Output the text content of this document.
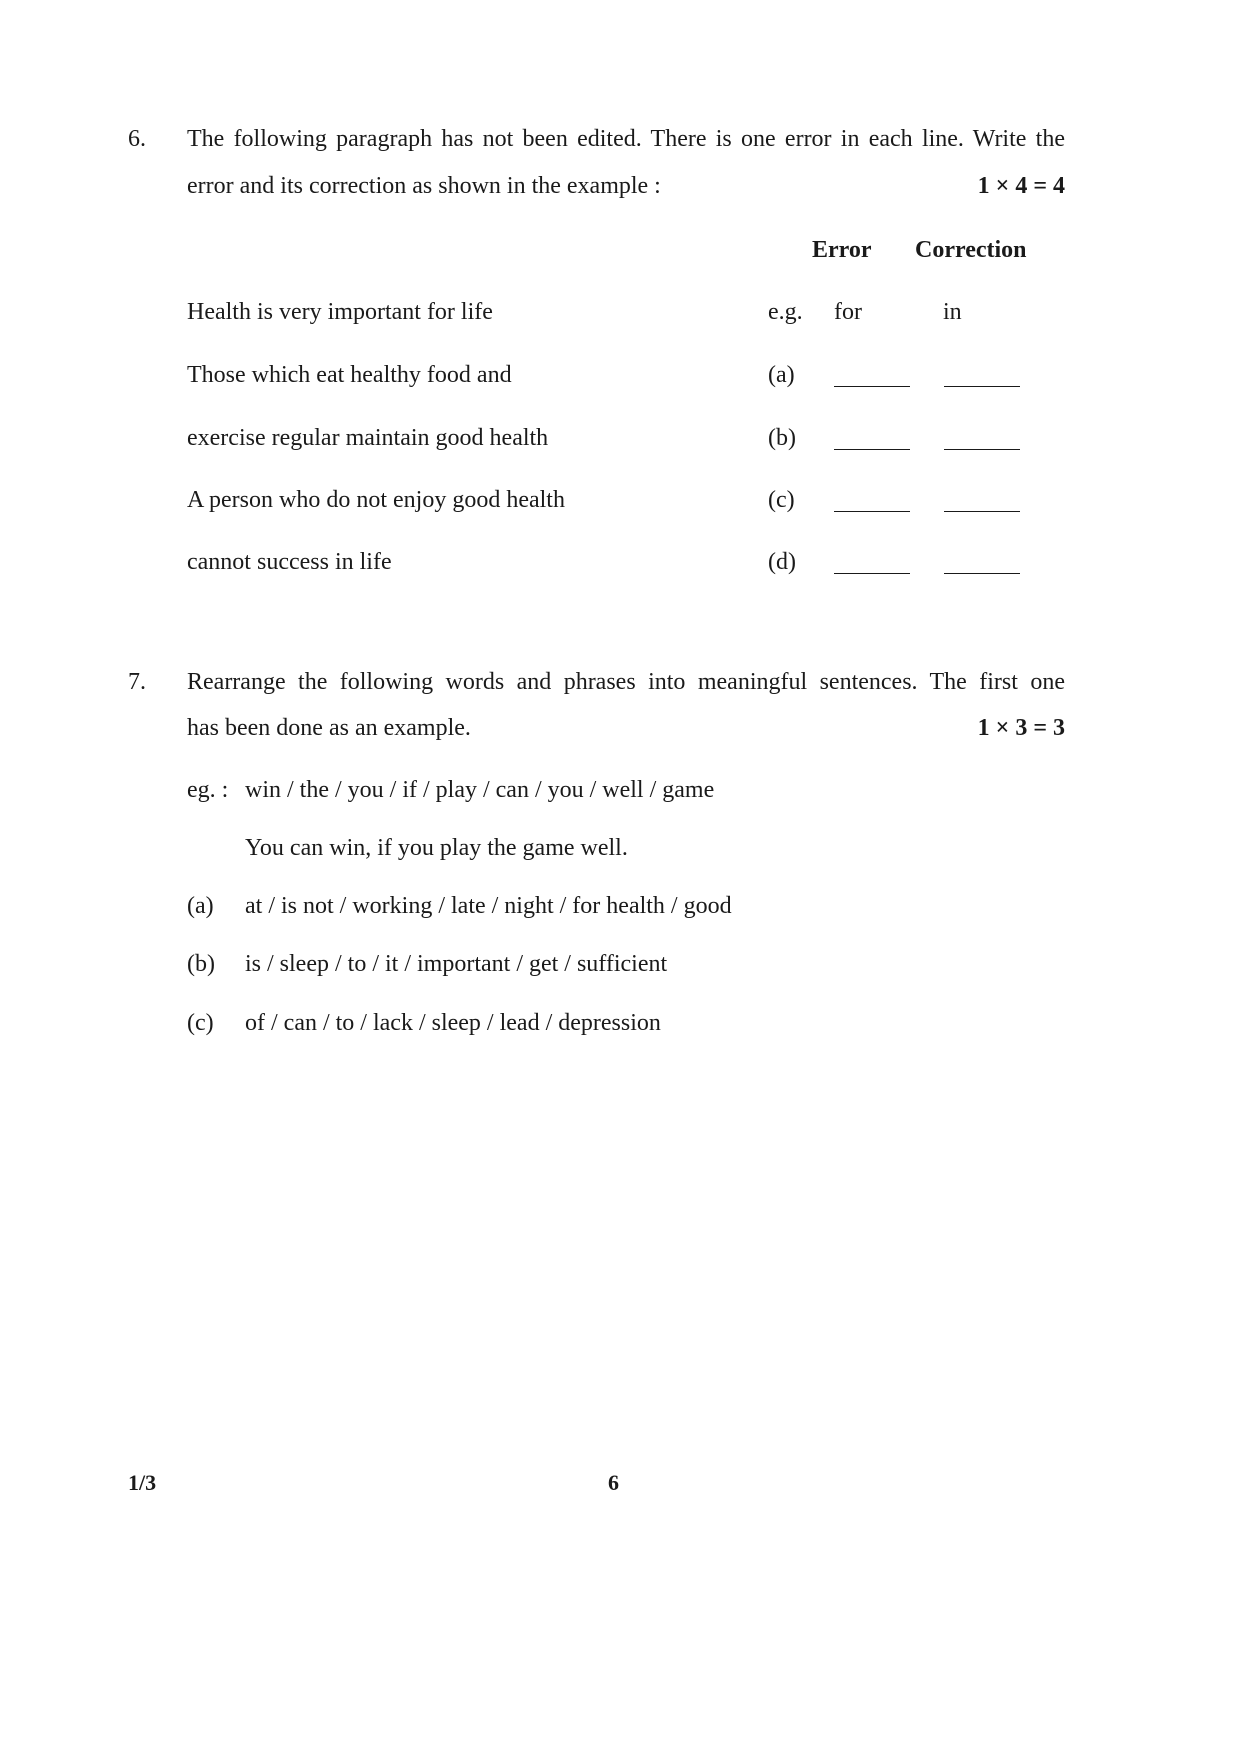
6. The following paragraph has not been edited. There is one error in each line. Write the
error and its correction as shown in the example :	1 × 4 = 4
Error Correction
Health is very important for life	e.g. for	in
Those which eat healthy food and	(a)
exercise regular maintain good health	(b)
A person who do not enjoy good health	(c)
cannot success in life	(d)
7. Rearrange the following words and phrases into meaningful sentences. The first one
has been done as an example.	1 × 3 = 3
eg. : win / the / you / if / play / can / you / well / game
You can win, if you play the game well.
(a) at / is not / working / late / night / for health / good
(b) is / sleep / to / it / important / get / sufficient
(c) of / can / to / lack / sleep / lead / depression
1/3	6
